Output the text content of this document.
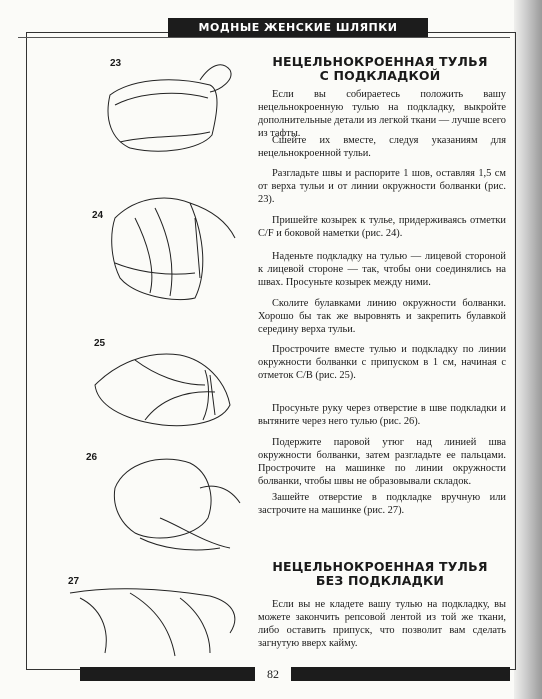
МОДНЫЕ ЖЕНСКИЕ ШЛЯПКИ
23
24
25
26
27
НЕЦЕЛЬНОКРОЕННАЯ ТУЛЬЯ
С ПОДКЛАДКОЙ

Если вы собираетесь положить вашу нецельнокроенную тулью на подкладку, выкройте дополнительные детали из легкой ткани — лучше всего из тафты.

Сшейте их вместе, следуя указаниям для нецельнокроенной тульи.

Разгладьте швы и распорите 1 шов, оставляя 1,5 см от верха тульи и от линии окружности болванки (рис. 23).

Пришейте козырек к тулье, придерживаясь отметки С/F и боковой наметки (рис. 24).

Наденьте подкладку на тулью — лицевой стороной к лицевой стороне — так, чтобы они соединялись на швах. Просуньте козырек между ними.

Сколите булавками линию окружности болванки. Хорошо бы так же выровнять и закрепить булавкой середину верха тульи.

Прострочите вместе тулью и подкладку по линии окружности болванки с припуском в 1 см, начиная с отметок С/В (рис. 25).

Просуньте руку через отверстие в шве подкладки и вытяните через него тулью (рис. 26).

Подержите паровой утюг над линией шва окружности болванки, затем разгладьте ее пальцами. Прострочите на машинке по линии окружности болванки, чтобы швы не образовывали складок.

Зашейте отверстие в подкладке вручную или застрочите на машинке (рис. 27).

НЕЦЕЛЬНОКРОЕННАЯ ТУЛЬЯ
БЕЗ ПОДКЛАДКИ

Если вы не кладете вашу тулью на подкладку, вы можете закончить репсовой лентой из той же ткани, либо оставить припуск, что позволит вам сделать загнутую вверх кайму.

82
